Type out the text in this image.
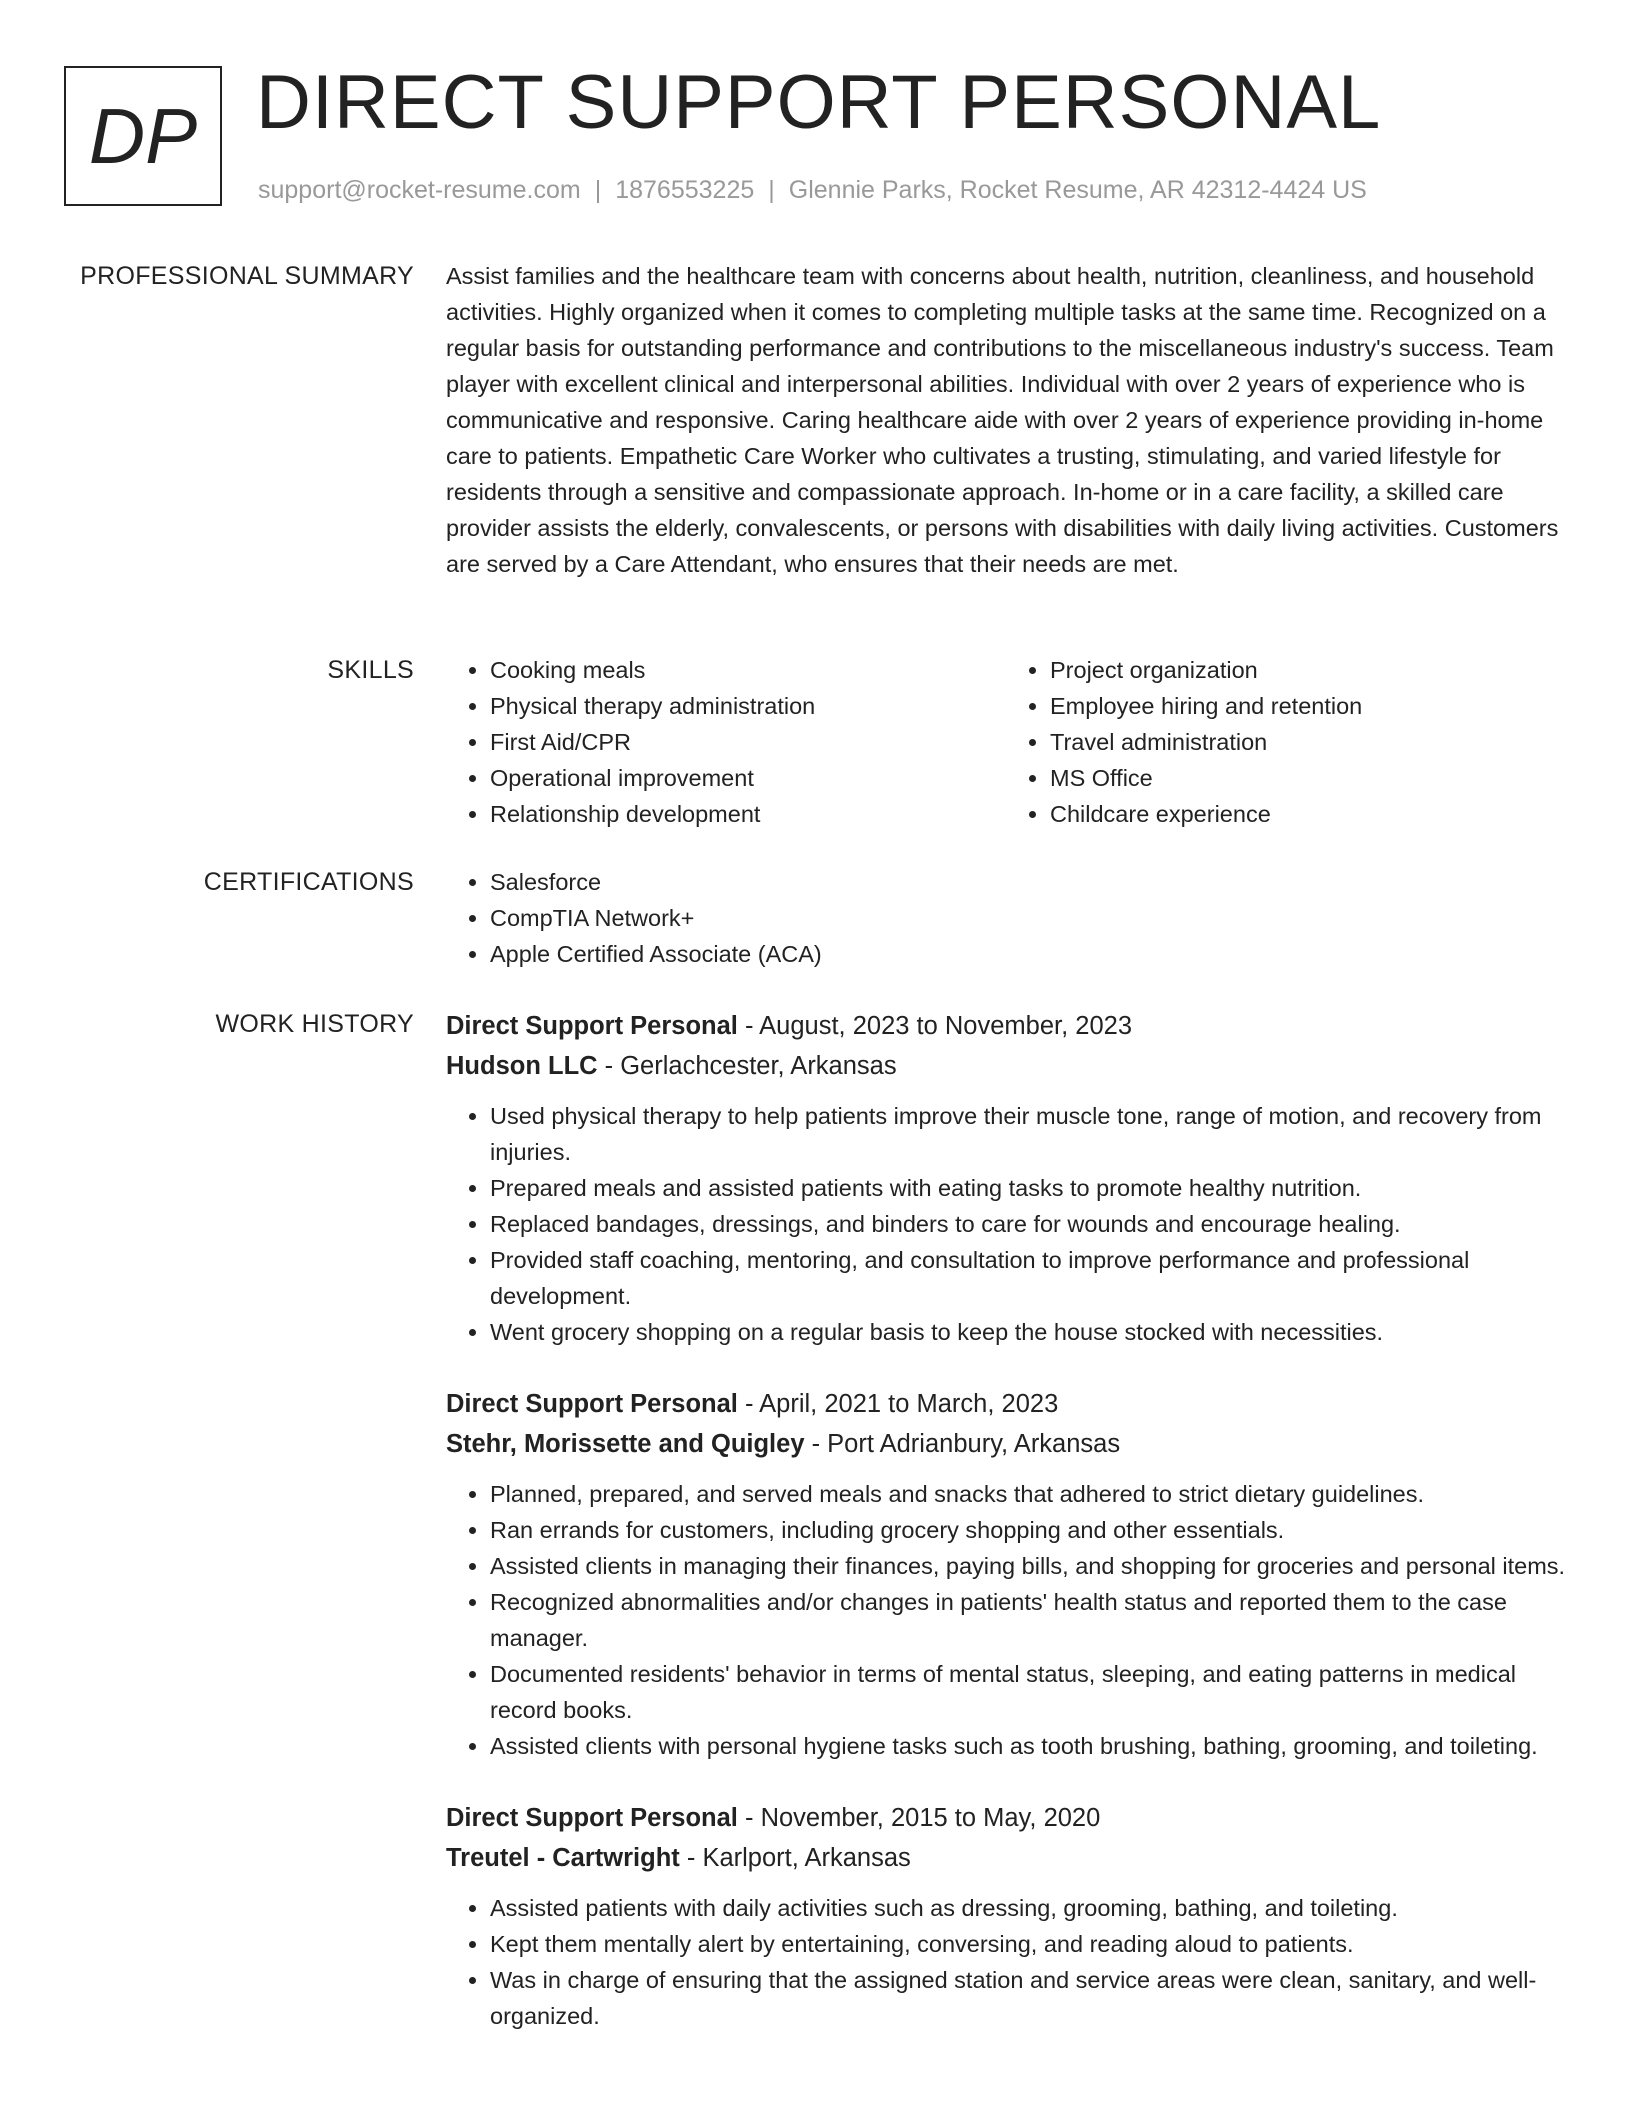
DP DIRECT SUPPORT PERSONAL
support@rocket-resume.com | 1876553225 | Glennie Parks, Rocket Resume, AR 42312-4424 US
PROFESSIONAL SUMMARY Assist families and the healthcare team with concerns about health, nutrition, cleanliness, and household activities. Highly organized when it comes to completing multiple tasks at the same time. Recognized on a regular basis for outstanding performance and contributions to the miscellaneous industry's success. Team player with excellent clinical and interpersonal abilities. Individual with over 2 years of experience who is communicative and responsive. Caring healthcare aide with over 2 years of experience providing in-home care to patients. Empathetic Care Worker who cultivates a trusting, stimulating, and varied lifestyle for residents through a sensitive and compassionate approach. In-home or in a care facility, a skilled care provider assists the elderly, convalescents, or persons with disabilities with daily living activities. Customers are served by a Care Attendant, who ensures that their needs are met.
SKILLS	• Cooking meals
• Physical therapy administration
• First Aid/CPR
• Operational improvement
• Relationship development
• Project organization
• Employee hiring and retention
• Travel administration
• MS Office
• Childcare experience
CERTIFICATIONS	• Salesforce
• CompTIA Network+
• Apple Certified Associate (ACA)
WORK HISTORY Direct Support Personal - August, 2023 to November, 2023
Hudson LLC - Gerlachcester, Arkansas
• Used physical therapy to help patients improve their muscle tone, range of motion, and recovery from injuries.
• Prepared meals and assisted patients with eating tasks to promote healthy nutrition.
• Replaced bandages, dressings, and binders to care for wounds and encourage healing.
• Provided staff coaching, mentoring, and consultation to improve performance and professional development.
• Went grocery shopping on a regular basis to keep the house stocked with necessities.
Direct Support Personal - April, 2021 to March, 2023
Stehr, Morissette and Quigley - Port Adrianbury, Arkansas
• Planned, prepared, and served meals and snacks that adhered to strict dietary guidelines.
• Ran errands for customers, including grocery shopping and other essentials.
• Assisted clients in managing their finances, paying bills, and shopping for groceries and personal items.
• Recognized abnormalities and/or changes in patients' health status and reported them to the case manager.
• Documented residents' behavior in terms of mental status, sleeping, and eating patterns in medical record books.
• Assisted clients with personal hygiene tasks such as tooth brushing, bathing, grooming, and toileting.
Direct Support Personal - November, 2015 to May, 2020
Treutel - Cartwright - Karlport, Arkansas
• Assisted patients with daily activities such as dressing, grooming, bathing, and toileting.
• Kept them mentally alert by entertaining, conversing, and reading aloud to patients.
• Was in charge of ensuring that the assigned station and service areas were clean, sanitary, and well-organized.
